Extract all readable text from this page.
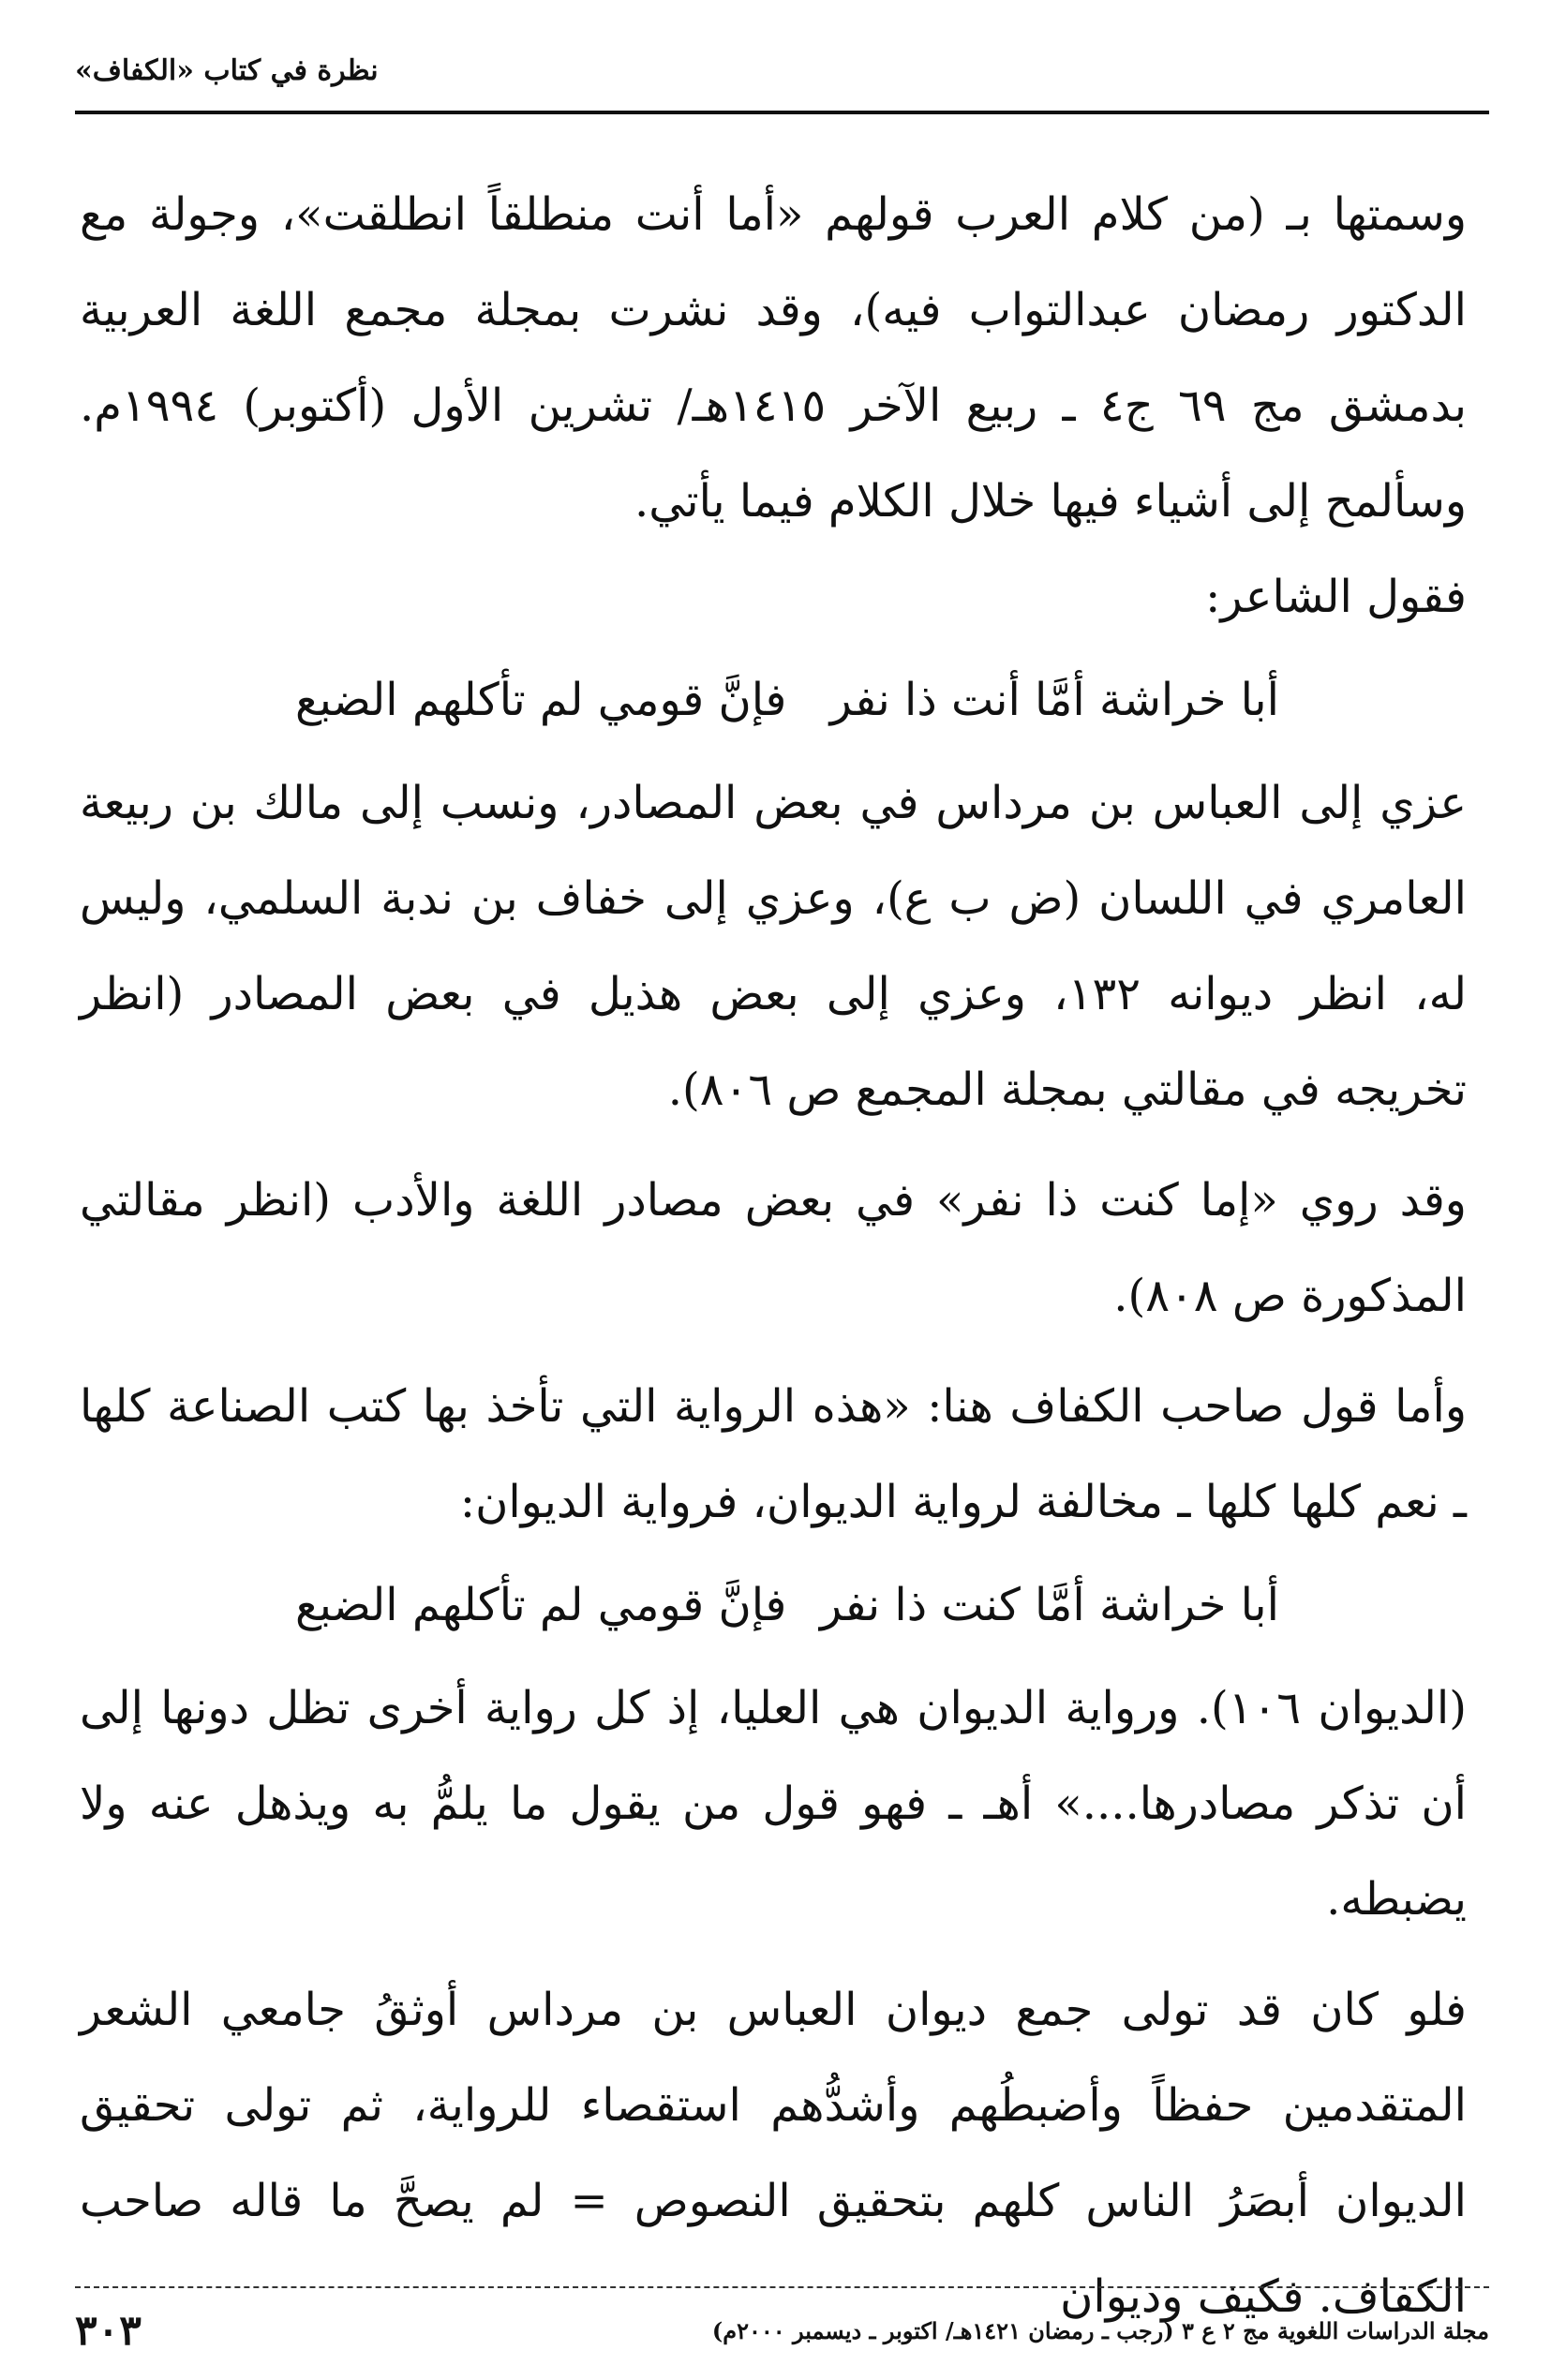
نظرة في كتاب «الكفاف»

وسمتها بـ (من كلام العرب قولهم «أما أنت منطلقاً انطلقت»، وجولة مع الدكتور رمضان عبدالتواب فيه)، وقد نشرت بمجلة مجمع اللغة العربية بدمشق مج ٦٩ ج٤ ـ ربيع الآخر ١٤١٥هـ/ تشرين الأول (أكتوبر) ١٩٩٤م. وسألمح إلى أشياء فيها خلال الكلام فيما يأتي.

فقول الشاعر:

أبا خراشة أمَّا أنت ذا نفر
فإنَّ قومي لم تأكلهم الضبع

عزي إلى العباس بن مرداس في بعض المصادر، ونسب إلى مالك بن ربيعة العامري في اللسان (ض ب ع)، وعزي إلى خفاف بن ندبة السلمي، وليس له، انظر ديوانه ١٣٢، وعزي إلى بعض هذيل في بعض المصادر (انظر تخريجه في مقالتي بمجلة المجمع ص ٨٠٦).

وقد روي «إما كنت ذا نفر» في بعض مصادر اللغة والأدب (انظر مقالتي المذكورة ص ٨٠٨).

وأما قول صاحب الكفاف هنا: «هذه الرواية التي تأخذ بها كتب الصناعة كلها ـ نعم كلها كلها ـ مخالفة لرواية الديوان، فرواية الديوان:

أبا خراشة أمَّا كنت ذا نفر
فإنَّ قومي لم تأكلهم الضبع

(الديوان ١٠٦). ورواية الديوان هي العليا، إذ كل رواية أخرى تظل دونها إلى أن تذكر مصادرها....» أهـ ـ فهو قول من يقول ما يلمُّ به ويذهل عنه ولا يضبطه.

فلو كان قد تولى جمع ديوان العباس بن مرداس أوثقُ جامعي الشعر المتقدمين حفظاً وأضبطُهم وأشدُّهم استقصاء للرواية، ثم تولى تحقيق الديوان أبصَرُ الناس كلهم بتحقيق النصوص = لم يصحَّ ما قاله صاحب الكفاف. فكيف وديوان

٣٠٣	مجلة الدراسات اللغوية مج ٢ ع ٣ (رجب ـ رمضان ١٤٢١هـ/ اكتوبر ـ ديسمبر ٢٠٠٠م)
